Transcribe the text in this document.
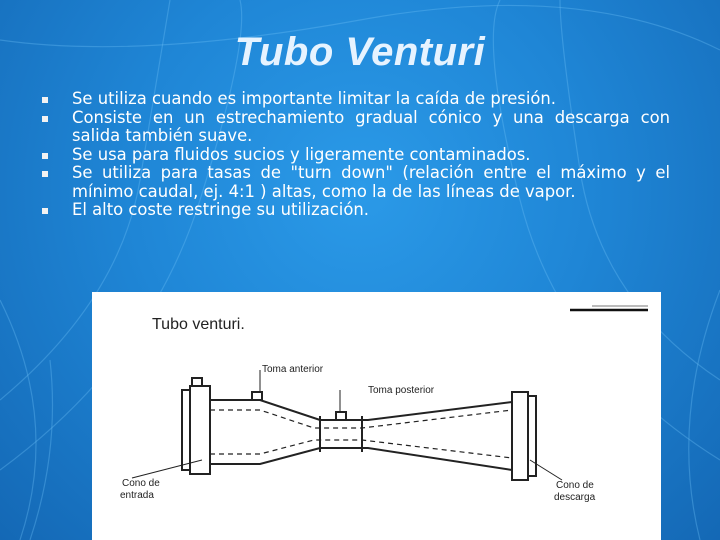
Tubo Venturi
Se utiliza cuando es importante limitar la caída de presión.
Consiste en un estrechamiento gradual cónico y una descarga con salida también suave.
Se usa para fluidos sucios y ligeramente contaminados.
Se utiliza para tasas de "turn down" (relación entre el máximo y el mínimo caudal, ej. 4:1 ) altas, como la de las líneas de vapor.
El alto coste restringe su utilización.
Tubo venturi.
Toma anterior
Toma posterior
Cono de
entrada
Cono de
descarga
